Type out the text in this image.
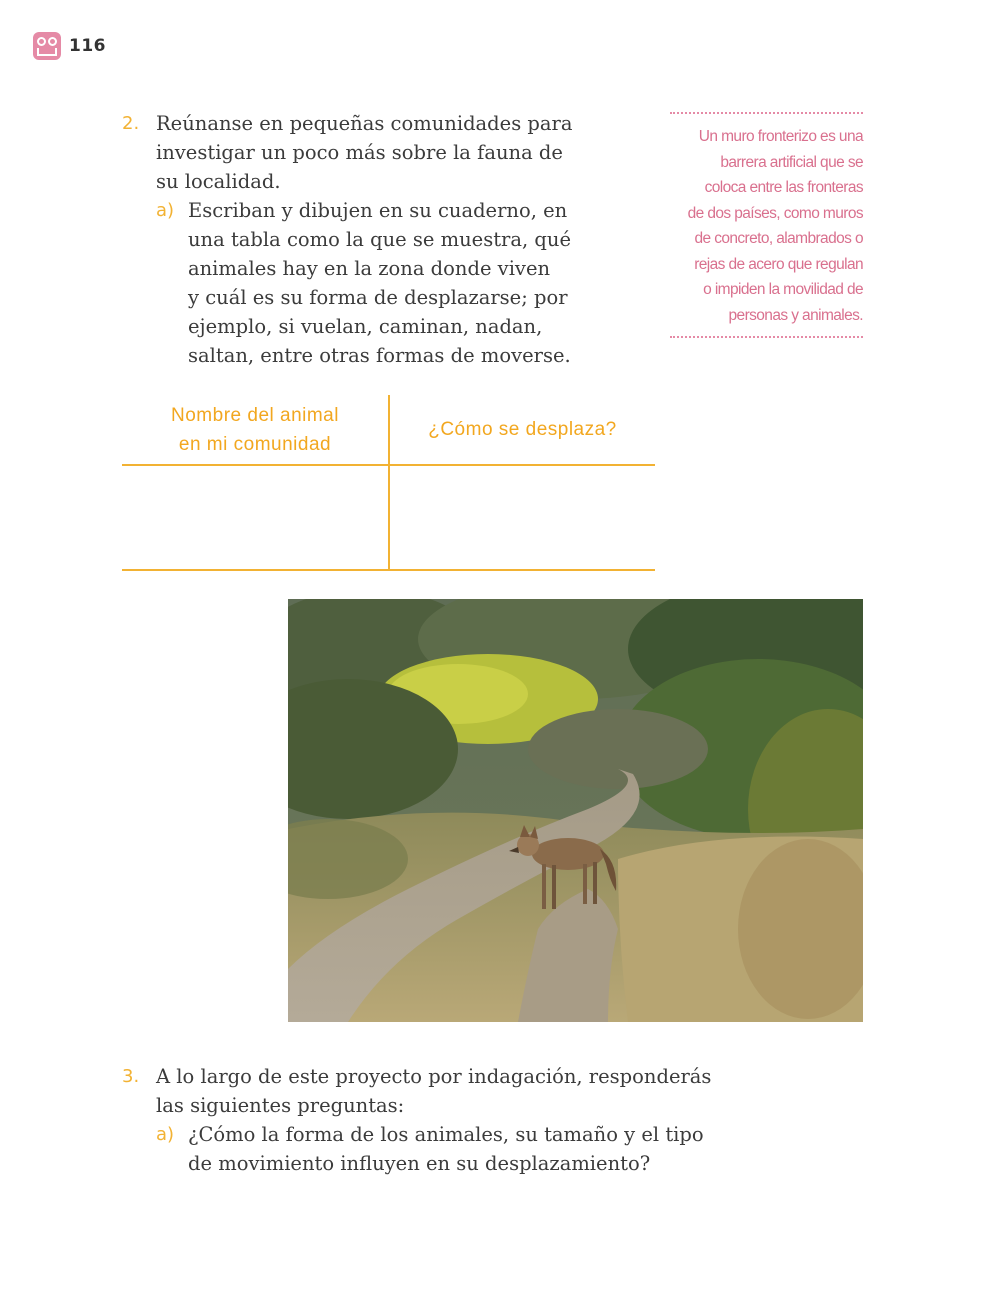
116
2. Reúnanse en pequeñas comunidades para
investigar un poco más sobre la fauna de
su localidad.
a) Escriban y dibujen en su cuaderno, en
una tabla como la que se muestra, qué
animales hay en la zona donde viven
y cuál es su forma de desplazarse; por
ejemplo, si vuelan, caminan, nadan,
saltan, entre otras formas de moverse.
Un muro fronterizo es una
barrera artificial que se
coloca entre las fronteras
de dos países, como muros
de concreto, alambrados o
rejas de acero que regulan
o impiden la movilidad de
personas y animales.
Nombre del animal
en mi comunidad
¿Cómo se desplaza?
3. A lo largo de este proyecto por indagación, responderás
las siguientes preguntas:
a) ¿Cómo la forma de los animales, su tamaño y el tipo
de movimiento influyen en su desplazamiento?
